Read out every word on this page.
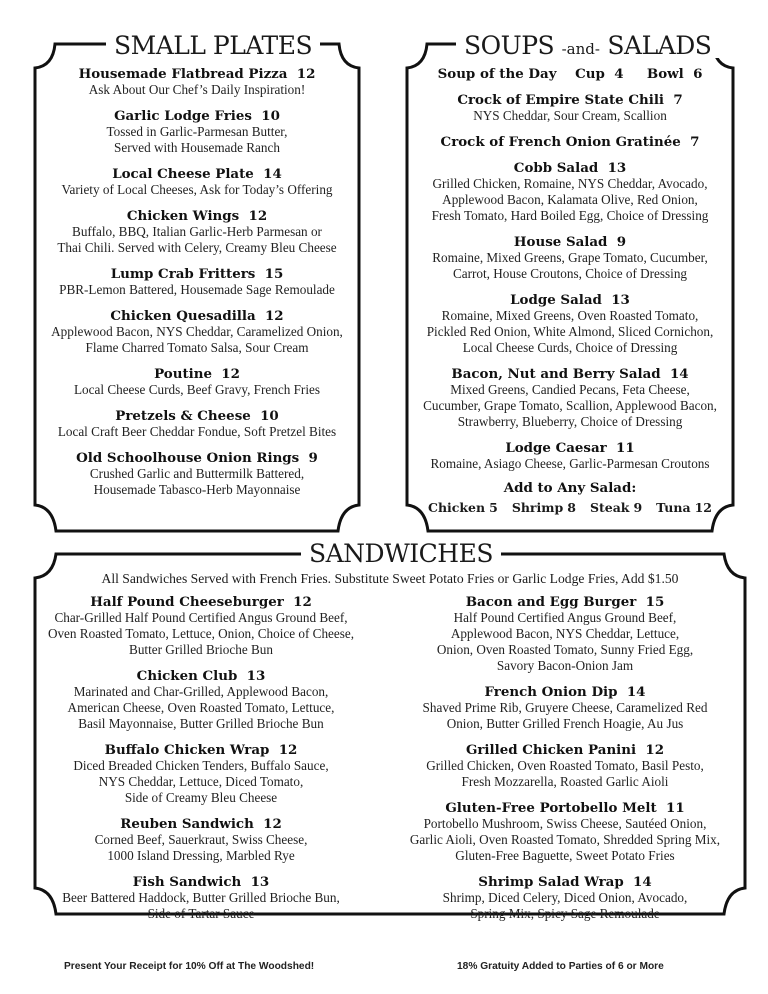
SMALL PLATES
Housemade Flatbread Pizza 12
Ask About Our Chef’s Daily Inspiration!
Garlic Lodge Fries 10
Tossed in Garlic-Parmesan Butter,
Served with Housemade Ranch
Local Cheese Plate 14
Variety of Local Cheeses, Ask for Today’s Offering
Chicken Wings 12
Buffalo, BBQ, Italian Garlic-Herb Parmesan or
Thai Chili. Served with Celery, Creamy Bleu Cheese
Lump Crab Fritters 15
PBR-Lemon Battered, Housemade Sage Remoulade
Chicken Quesadilla 12
Applewood Bacon, NYS Cheddar, Caramelized Onion,
Flame Charred Tomato Salsa, Sour Cream
Poutine 12
Local Cheese Curds, Beef Gravy, French Fries
Pretzels & Cheese 10
Local Craft Beer Cheddar Fondue, Soft Pretzel Bites
Old Schoolhouse Onion Rings 9
Crushed Garlic and Buttermilk Battered,
Housemade Tabasco-Herb Mayonnaise
SOUPS -and- SALADS
Soup of the Day Cup 4 Bowl 6
Crock of Empire State Chili 7
NYS Cheddar, Sour Cream, Scallion
Crock of French Onion Gratinée 7
Cobb Salad 13
Grilled Chicken, Romaine, NYS Cheddar, Avocado,
Applewood Bacon, Kalamata Olive, Red Onion,
Fresh Tomato, Hard Boiled Egg, Choice of Dressing
House Salad 9
Romaine, Mixed Greens, Grape Tomato, Cucumber,
Carrot, House Croutons, Choice of Dressing
Lodge Salad 13
Romaine, Mixed Greens, Oven Roasted Tomato,
Pickled Red Onion, White Almond, Sliced Cornichon,
Local Cheese Curds, Choice of Dressing
Bacon, Nut and Berry Salad 14
Mixed Greens, Candied Pecans, Feta Cheese,
Cucumber, Grape Tomato, Scallion, Applewood Bacon,
Strawberry, Blueberry, Choice of Dressing
Lodge Caesar 11
Romaine, Asiago Cheese, Garlic-Parmesan Croutons
Add to Any Salad:
Chicken 5 Shrimp 8 Steak 9 Tuna 12
SANDWICHES
All Sandwiches Served with French Fries. Substitute Sweet Potato Fries or Garlic Lodge Fries, Add $1.50
Half Pound Cheeseburger 12
Char-Grilled Half Pound Certified Angus Ground Beef,
Oven Roasted Tomato, Lettuce, Onion, Choice of Cheese,
Butter Grilled Brioche Bun
Chicken Club 13
Marinated and Char-Grilled, Applewood Bacon,
American Cheese, Oven Roasted Tomato, Lettuce,
Basil Mayonnaise, Butter Grilled Brioche Bun
Buffalo Chicken Wrap 12
Diced Breaded Chicken Tenders, Buffalo Sauce,
NYS Cheddar, Lettuce, Diced Tomato,
Side of Creamy Bleu Cheese
Reuben Sandwich 12
Corned Beef, Sauerkraut, Swiss Cheese,
1000 Island Dressing, Marbled Rye
Fish Sandwich 13
Beer Battered Haddock, Butter Grilled Brioche Bun,
Side of Tartar Sauce
Bacon and Egg Burger 15
Half Pound Certified Angus Ground Beef,
Applewood Bacon, NYS Cheddar, Lettuce,
Onion, Oven Roasted Tomato, Sunny Fried Egg,
Savory Bacon-Onion Jam
French Onion Dip 14
Shaved Prime Rib, Gruyere Cheese, Caramelized Red
Onion, Butter Grilled French Hoagie, Au Jus
Grilled Chicken Panini 12
Grilled Chicken, Oven Roasted Tomato, Basil Pesto,
Fresh Mozzarella, Roasted Garlic Aioli
Gluten-Free Portobello Melt 11
Portobello Mushroom, Swiss Cheese, Sautéed Onion,
Garlic Aioli, Oven Roasted Tomato, Shredded Spring Mix,
Gluten-Free Baguette, Sweet Potato Fries
Shrimp Salad Wrap 14
Shrimp, Diced Celery, Diced Onion, Avocado,
Spring Mix, Spicy Sage Remoulade
Present Your Receipt for 10% Off at The Woodshed!	18% Gratuity Added to Parties of 6 or More
